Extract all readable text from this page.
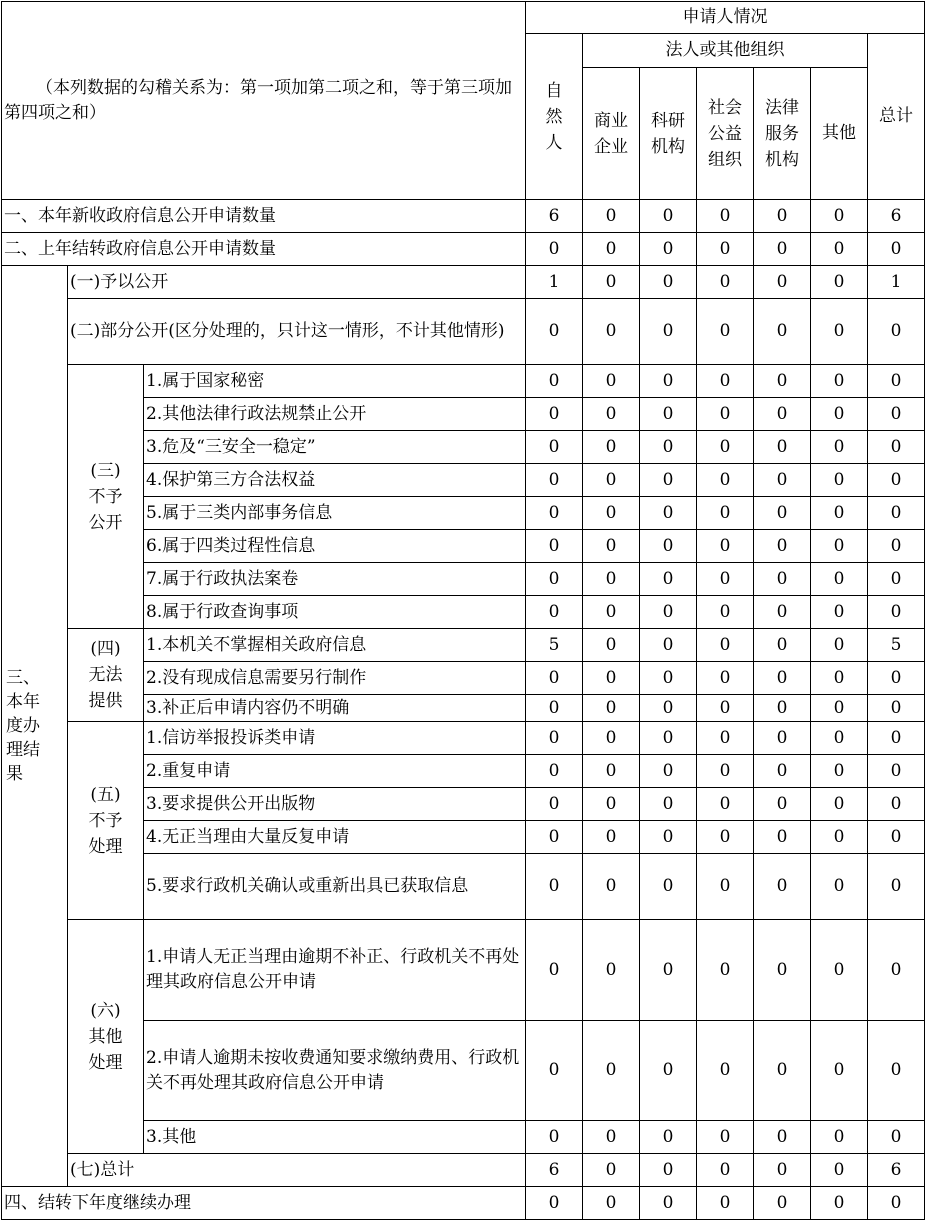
（本列数据的勾稽关系为：第一项加第二项之和，等于第三项加第四项之和）			申请人情况						

			自然人	法人或其他组织					总计

				商业企业	科研机构	社会公益组织	法律服务机构	其他	
一、本年新收政府信息公开申请数量			6	0	0	0	0	0	6
二、上年结转政府信息公开申请数量			0	0	0	0	0	0	0

三、本年度办理结果	(一)予以公开		1	0	0	0	0	0	1
	(二)部分公开(区分处理的，只计这一情形，不计其他情形)		0	0	0	0	0	0	0

	(三)不予公开	1.属于国家秘密	0	0	0	0	0	0	0
		2.其他法律行政法规禁止公开	0	0	0	0	0	0	0
		3.危及“三安全一稳定”	0	0	0	0	0	0	0
		4.保护第三方合法权益	0	0	0	0	0	0	0
		5.属于三类内部事务信息	0	0	0	0	0	0	0
		6.属于四类过程性信息	0	0	0	0	0	0	0
		7.属于行政执法案卷	0	0	0	0	0	0	0
		8.属于行政查询事项	0	0	0	0	0	0	0

	(四)无法提供	1.本机关不掌握相关政府信息	5	0	0	0	0	0	5
		2.没有现成信息需要另行制作	0	0	0	0	0	0	0
		3.补正后申请内容仍不明确	0	0	0	0	0	0	0

	(五)不予处理	1.信访举报投诉类申请	0	0	0	0	0	0	0
		2.重复申请	0	0	0	0	0	0	0
		3.要求提供公开出版物	0	0	0	0	0	0	0
		4.无正当理由大量反复申请	0	0	0	0	0	0	0
		5.要求行政机关确认或重新出具已获取信息	0	0	0	0	0	0	0

	(六)其他处理	1.申请人无正当理由逾期不补正、行政机关不再处理其政府信息公开申请	0	0	0	0	0	0	0
		2.申请人逾期未按收费通知要求缴纳费用、行政机关不再处理其政府信息公开申请	0	0	0	0	0	0	0
		3.其他	0	0	0	0	0	0	0
	(七)总计		6	0	0	0	0	0	6
四、结转下年度继续办理			0	0	0	0	0	0	0
